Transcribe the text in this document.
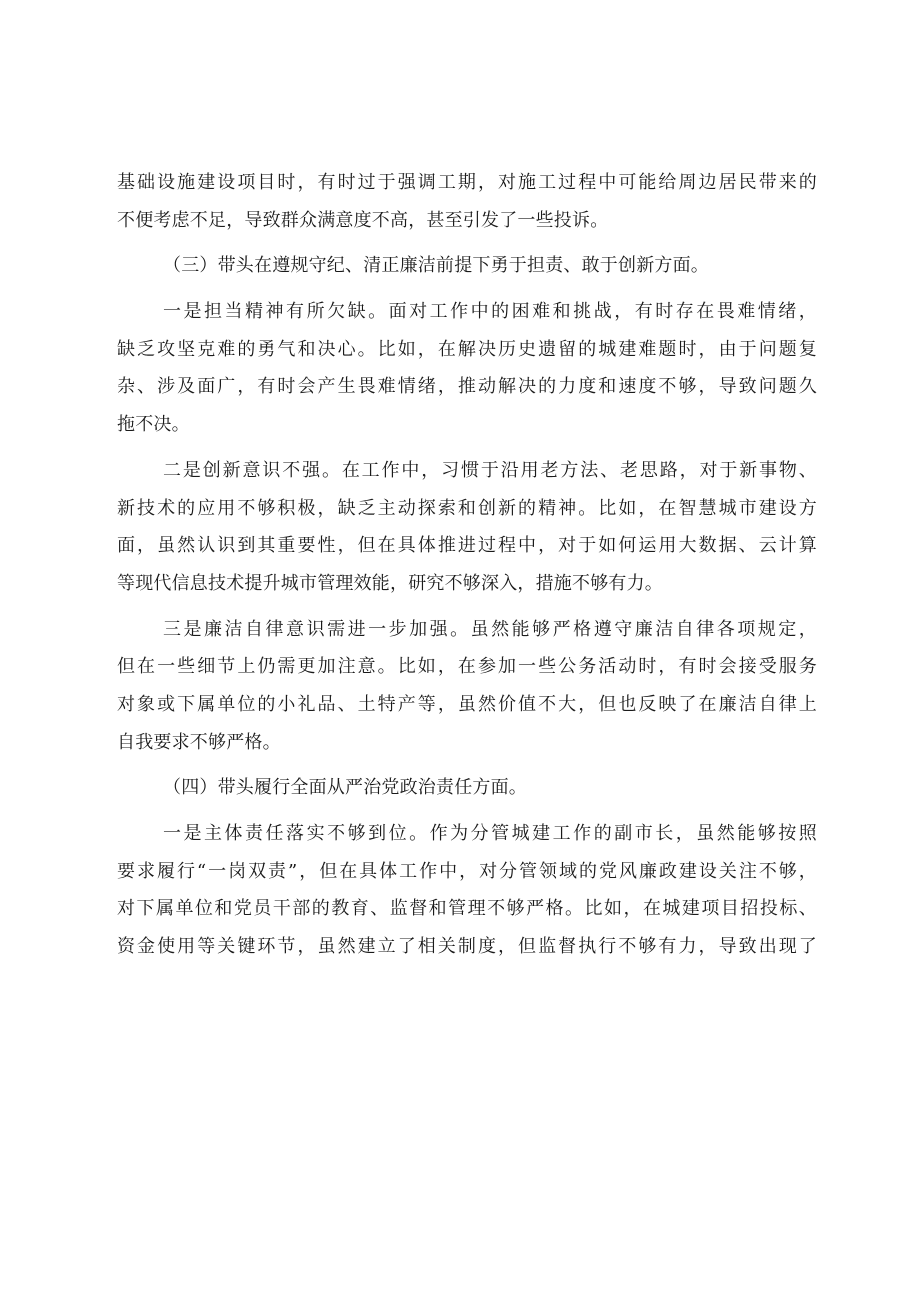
基础设施建设项目时，有时过于强调工期，对施工过程中可能给周边居民带来的
不便考虑不足，导致群众满意度不高，甚至引发了一些投诉。
（三）带头在遵规守纪、清正廉洁前提下勇于担责、敢于创新方面。
一是担当精神有所欠缺。面对工作中的困难和挑战，有时存在畏难情绪，
缺乏攻坚克难的勇气和决心。比如，在解决历史遗留的城建难题时，由于问题复
杂、涉及面广，有时会产生畏难情绪，推动解决的力度和速度不够，导致问题久
拖不决。
二是创新意识不强。在工作中，习惯于沿用老方法、老思路，对于新事物、
新技术的应用不够积极，缺乏主动探索和创新的精神。比如，在智慧城市建设方
面，虽然认识到其重要性，但在具体推进过程中，对于如何运用大数据、云计算
等现代信息技术提升城市管理效能，研究不够深入，措施不够有力。
三是廉洁自律意识需进一步加强。虽然能够严格遵守廉洁自律各项规定，
但在一些细节上仍需更加注意。比如，在参加一些公务活动时，有时会接受服务
对象或下属单位的小礼品、土特产等，虽然价值不大，但也反映了在廉洁自律上
自我要求不够严格。
（四）带头履行全面从严治党政治责任方面。
一是主体责任落实不够到位。作为分管城建工作的副市长，虽然能够按照
要求履行“一岗双责”，但在具体工作中，对分管领域的党风廉政建设关注不够，
对下属单位和党员干部的教育、监督和管理不够严格。比如，在城建项目招投标、
资金使用等关键环节，虽然建立了相关制度，但监督执行不够有力，导致出现了
